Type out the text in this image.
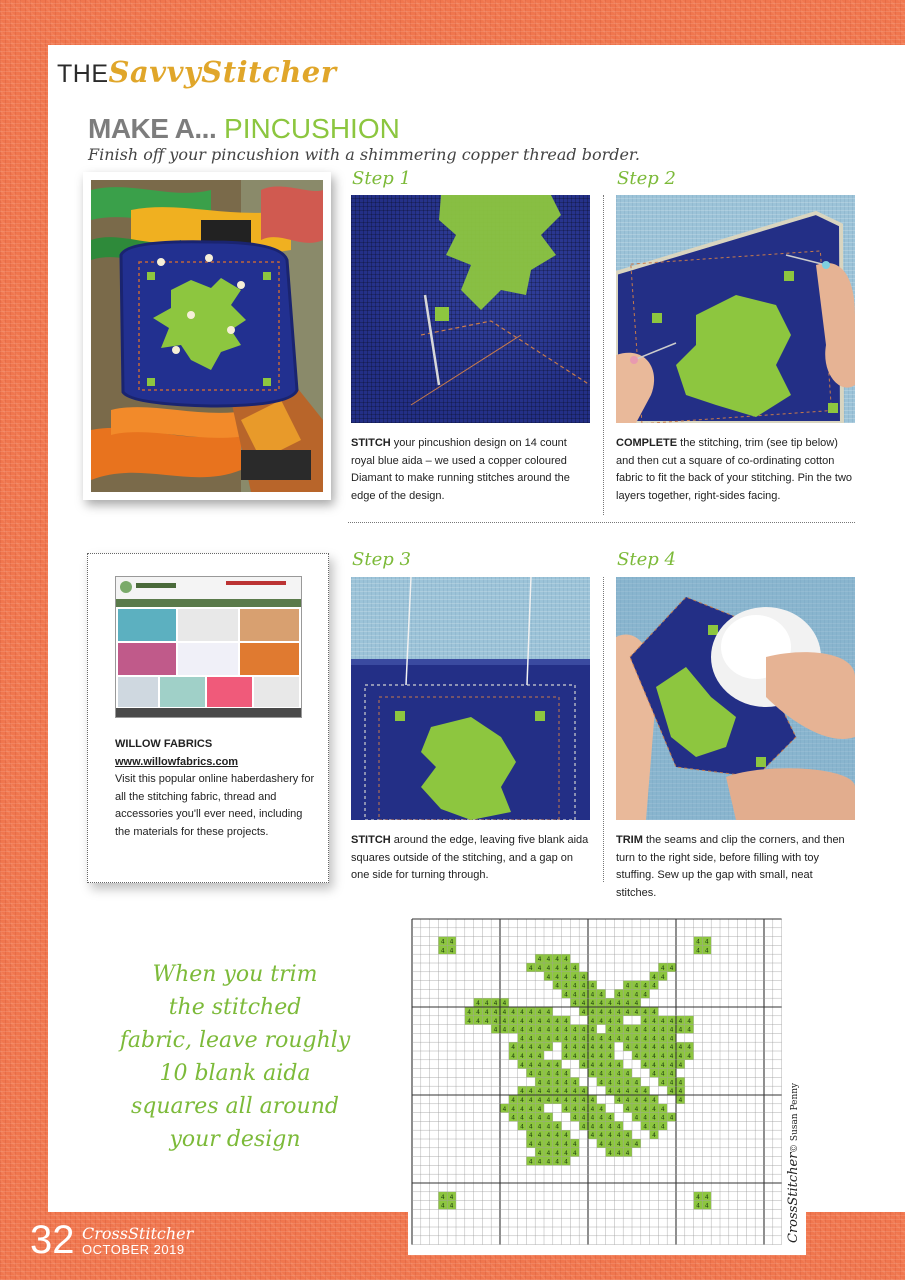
THESavvyStitcher
MAKE A... PINCUSHION
Finish off your pincushion with a shimmering copper thread border.
Step 1
STITCH your pincushion design on 14 count royal blue aida – we used a copper coloured Diamant to make running stitches around the edge of the design.
Step 2
COMPLETE the stitching, trim (see tip below) and then cut a square of co-ordinating cotton fabric to fit the back of your stitching. Pin the two layers together, right-sides facing.
WILLOW FABRICS
www.willowfabrics.com
Visit this popular online haberdashery for all the stitching fabric, thread and accessories you'll ever need, including the materials for these projects.
Step 3
STITCH around the edge, leaving five blank aida squares outside of the stitching, and a gap on one side for turning through.
Step 4
TRIM the seams and clip the corners, and then turn to the right side, before filling with toy stuffing. Sew up the gap with small, neat stitches.
When you trim
the stitched
fabric, leave roughly
10 blank aida
squares all around
your design
4
4
4
4	4
4
4
4
4
4
4
4	4
4
4
4
4 4 4 4
4 4 4 4 4 4	4 4
4 4 4 4 4	4 4
4 4 4 4 4	4 4 4 4
4 4 4 4 4 4 4 4 4
4 4 4 4	4 4 4 4 4 4 4 4
4 4 4 4 4 4 4 4 4 4	4 4 4 4 4 4 4 4 4
4 4 4 4 4 4 4 4 4 4 4 4	4 4 4 4	4 4 4 4 4 4
4 4 4 4 4 4 4 4 4 4 4 4 4 4 4 4 4 4 4 4 4 4
4 4 4 4 4 4 4 4 4 4 4 4 4 4 4 4 4 4
4 4 4 4 4 4 4 4 4 4 4 4 4 4 4 4 4 4 4
4 4 4 4	4 4 4 4 4 4	4 4 4 4 4 4 4
4 4 4 4 4	4 4 4 4 4	4 4 4 4 4
4 4 4 4 4	4 4 4 4 4	4 4 4
4 4 4 4 4	4 4 4 4 4	4 4 4
4 4 4 4 4 4 4 4	4 4 4 4 4	4 4
4 4 4 4 4 4 4 4 4 4	4 4 4 4 4	4
4 4 4 4 4	4 4 4 4 4	4 4 4 4 4
4 4 4 4 4	4 4 4 4 4	4 4 4 4 4
4 4 4 4 4	4 4 4 4 4	4 4 4
4 4 4 4 4	4 4 4 4 4	4
4 4 4 4 4 4	4 4 4 4 4
4 4 4 4 4	4 4 4
4 4 4 4 4	CrossStitcher
© Susan Penny
32 CrossStitcher
OCTOBER 2019
